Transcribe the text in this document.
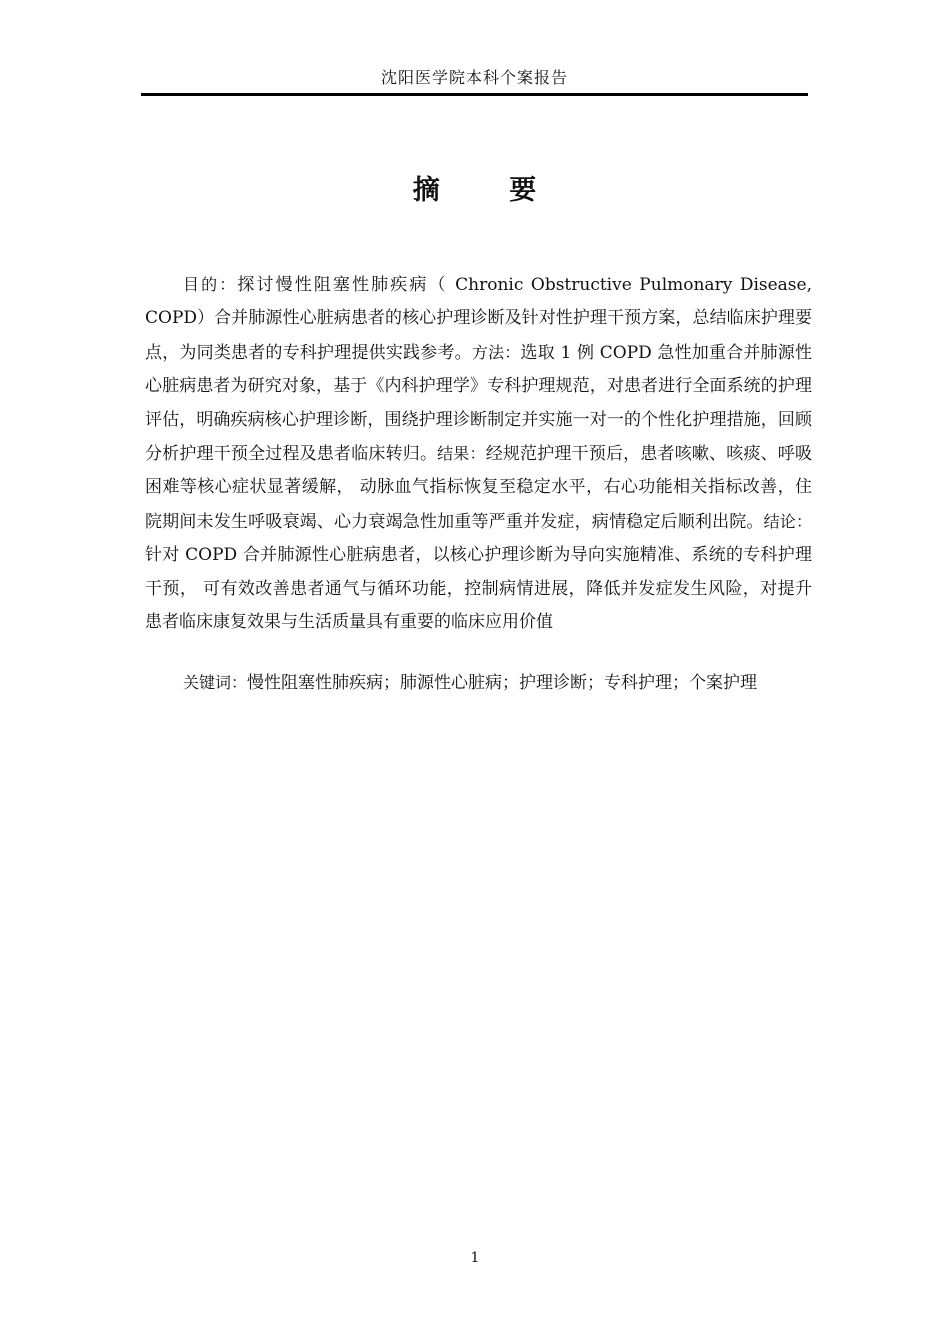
沈阳医学院本科个案报告
摘 要

目的：探讨慢性阻塞性肺疾病（ Chronic Obstructive Pulmonary Disease, COPD）合并肺源性心脏病患者的核心护理诊断及针对性护理干预方案，总结临床护理要点，为同类患者的专科护理提供实践参考。方法：选取 1 例 COPD 急性加重合并肺源性心脏病患者为研究对象，基于《内科护理学》专科护理规范，对患者进行全面系统的护理评估，明确疾病核心护理诊断，围绕护理诊断制定并实施一对一的个性化护理措施，回顾分析护理干预全过程及患者临床转归。结果：经规范护理干预后，患者咳嗽、咳痰、呼吸困难等核心症状显著缓解， 动脉血气指标恢复至稳定水平，右心功能相关指标改善，住院期间未发生呼吸衰竭、心力衰竭急性加重等严重并发症，病情稳定后顺利出院。结论：针对 COPD 合并肺源性心脏病患者，以核心护理诊断为导向实施精准、系统的专科护理干预， 可有效改善患者通气与循环功能，控制病情进展，降低并发症发生风险，对提升患者临床康复效果与生活质量具有重要的临床应用价值

关键词：慢性阻塞性肺疾病；肺源性心脏病；护理诊断；专科护理；个案护理

1
